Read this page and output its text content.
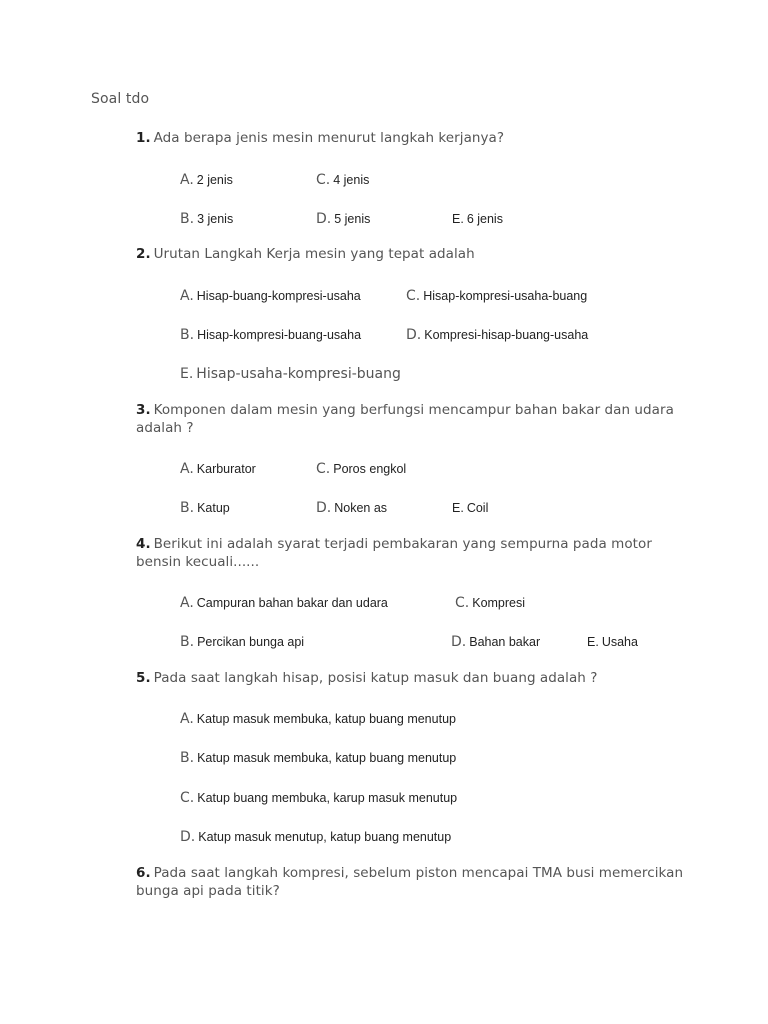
Soal tdo
1. Ada berapa jenis mesin menurut langkah kerjanya?
A. 2 jenis	C. 4 jenis
B. 3 jenis	D. 5 jenis	E. 6 jenis
2. Urutan Langkah Kerja mesin yang tepat adalah
A. Hisap-buang-kompresi-usaha	C. Hisap-kompresi-usaha-buang
B. Hisap-kompresi-buang-usaha	D. Kompresi-hisap-buang-usaha
E. Hisap-usaha-kompresi-buang
3. Komponen dalam mesin yang berfungsi mencampur bahan bakar dan udara adalah ?
A. Karburator	C. Poros engkol
B. Katup	D. Noken as	E. Coil
4. Berikut ini adalah syarat terjadi pembakaran yang sempurna pada motor bensin kecuali......
A. Campuran bahan bakar dan udara	C. Kompresi
B. Percikan bunga api	D. Bahan bakar	E. Usaha
5. Pada saat langkah hisap, posisi katup masuk dan buang adalah ?
A. Katup masuk membuka, katup buang menutup
B. Katup masuk membuka, katup buang menutup
C. Katup buang membuka, karup masuk menutup
D. Katup masuk menutup, katup buang menutup
6. Pada saat langkah kompresi, sebelum piston mencapai TMA busi memercikan bunga api pada titik?
